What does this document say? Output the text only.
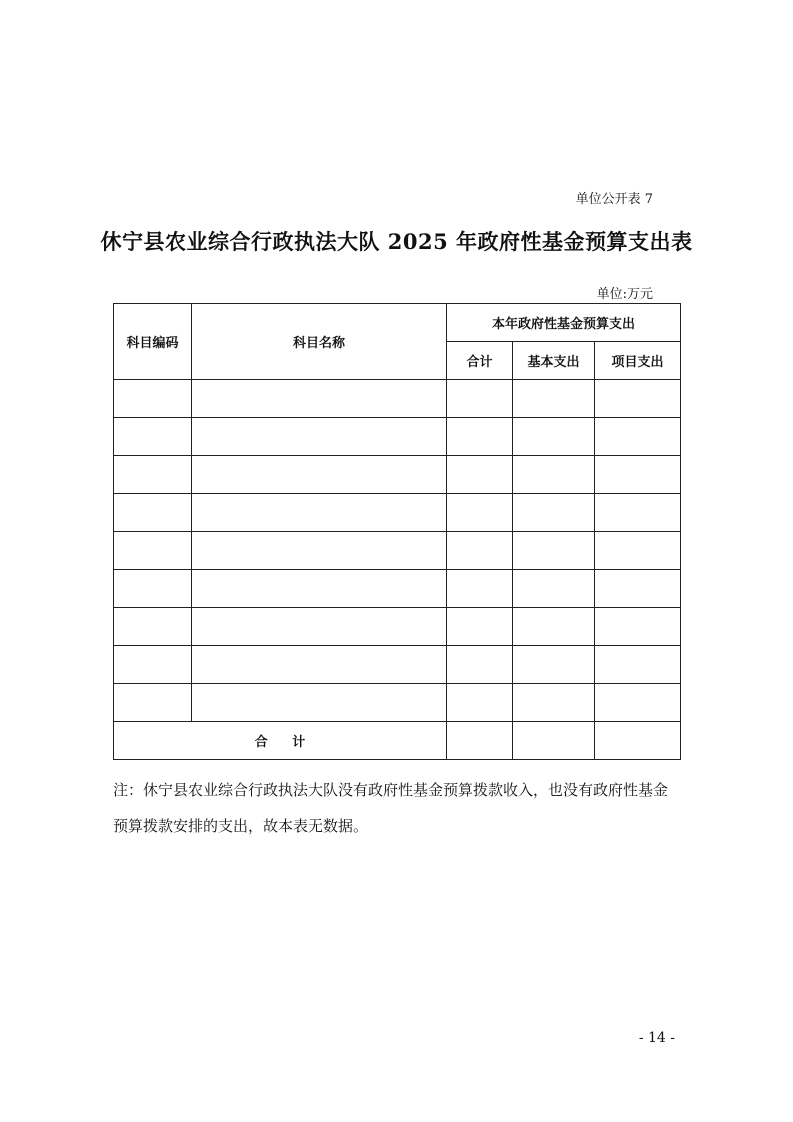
单位公开表 7
休宁县农业综合行政执法大队 2025 年政府性基金预算支出表
单位:万元
科目编码	科目名称	本年政府性基金预算支出		
		合计	基本支出	项目支出

合 计				
注：休宁县农业综合行政执法大队没有政府性基金预算拨款收入，也没有政府性基金预算拨款安排的支出，故本表无数据。
- 14 -
